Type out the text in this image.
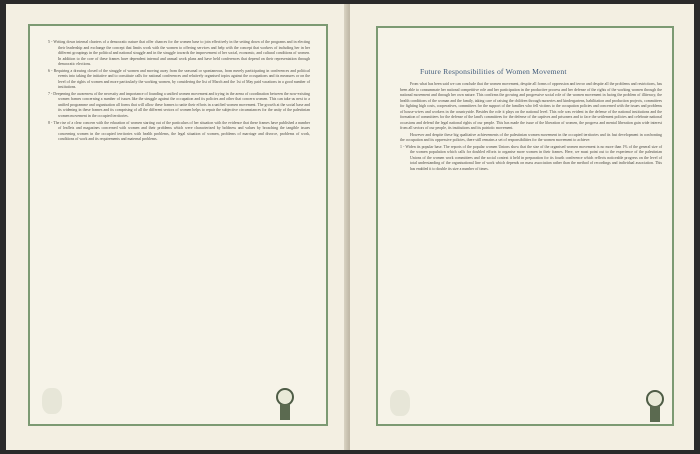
5 - Writing down internal charters of a democratic nature that offer chances for the women base to join effectively in the setting down of the programs and in electing their leadership and exchange the concept that limits work with the women to offering services and help with the concept that workers of including her in her different groupings in the political and national struggle and in the struggle towards the improvement of her social, economic, and cultural conditions of women. In addition to the core of these frames have dependent internal and annual work plans and have held conferences that depend on their representation through democratic elections.

6 - Requiring a drawing closed of the struggle of women and moving away from the seasonal or spontaneous, from merely participating in conferences and political events into taking the initiative and to constitute calls for national conferences and relatively organised topics against the occupations and its measures or on the level of the rights of women and more particularly the working women, by considering the list of March and the 1st of May paid vacations in a good number of institutions.

7 - Deepening the awareness of the necessity and importance of founding a unified women movement and trying in the arena of coordination between the now-existing women frames concerning a number of issues like the struggle against the occupation and its policies and other that concern women. This can take us next to a unified programme and organisation all forms that will allow these frames to unite their efforts in a unified women movement. The growth at the social base and its widening in these frames and its comprising of all the different sectors of women helps to repair the subjective circumstances for the unity of the palestinian women movement in the occupied territories.

8 - The rise of a clear concern with the education of women starting out of the particulars of her situation with the evidence that these frames have published a number of leaflets and magazines concerned with women and their problems which were characterized by boldness and values by broaching the tangible issues concerning women in the occupied territories with health problems, the legal situation of women, problems of marriage and divorce, problems of work, conditions of work and its requirements and maternal problems.

Future Responsibilities of Women Movement

From what has been said we can conclude that the women movement, despite all forms of oppression and terror and despite all the problems and restrictions, has been able to consummate her national competitive role and her participation in the productive process and her defense of the rights of the working women through the national movement and through her own nature. This confirms the growing and progressive social role of the women movement in facing the problem of illiteracy, the health conditions of the woman and the family, taking care of raising the children through nurseries and kindergartens, habilitation and production projects, committees for fighting high costs, cooperatives, committees for the support of the families who fell victims to the occupation policies and concerned with the issues and problems of house-wives and workers in the countryside. Besides the role it plays on the national level. This role was evident in the defense of the national institutions and the formation of committees for the defense of the land's committees for the defense of the captives and prisoners and to face the settlement policies and celebrate national occasions and defend the legal national rights of our people. This has made the issue of the liberation of women, the progress and mental liberation gain wide interest from all sectors of our people, its institutions and its patriotic movement.

However and despite these big qualitative achievements of the palestinian women movement in the occupied territories and its fast development in confronting the occupation and its oppressive policies, there still remains a set of responsibilities for the women movement to achieve:

1 - Widen its popular base. The reports of the popular women Unions show that the size of the organised women movement is no more than 1% of the general size of the women population which calls for doubled efforts to organise more women in their frames. Here, we must point out to the experience of the palestinian Unions of the women work committees and the social context it held in preparation for its fourth conference which reflects noticeable progress on the level of total understanding of the organisational line of work which depends on mass association rather than the method of recordings and individual association. This has enabled it to double its size a number of times.
